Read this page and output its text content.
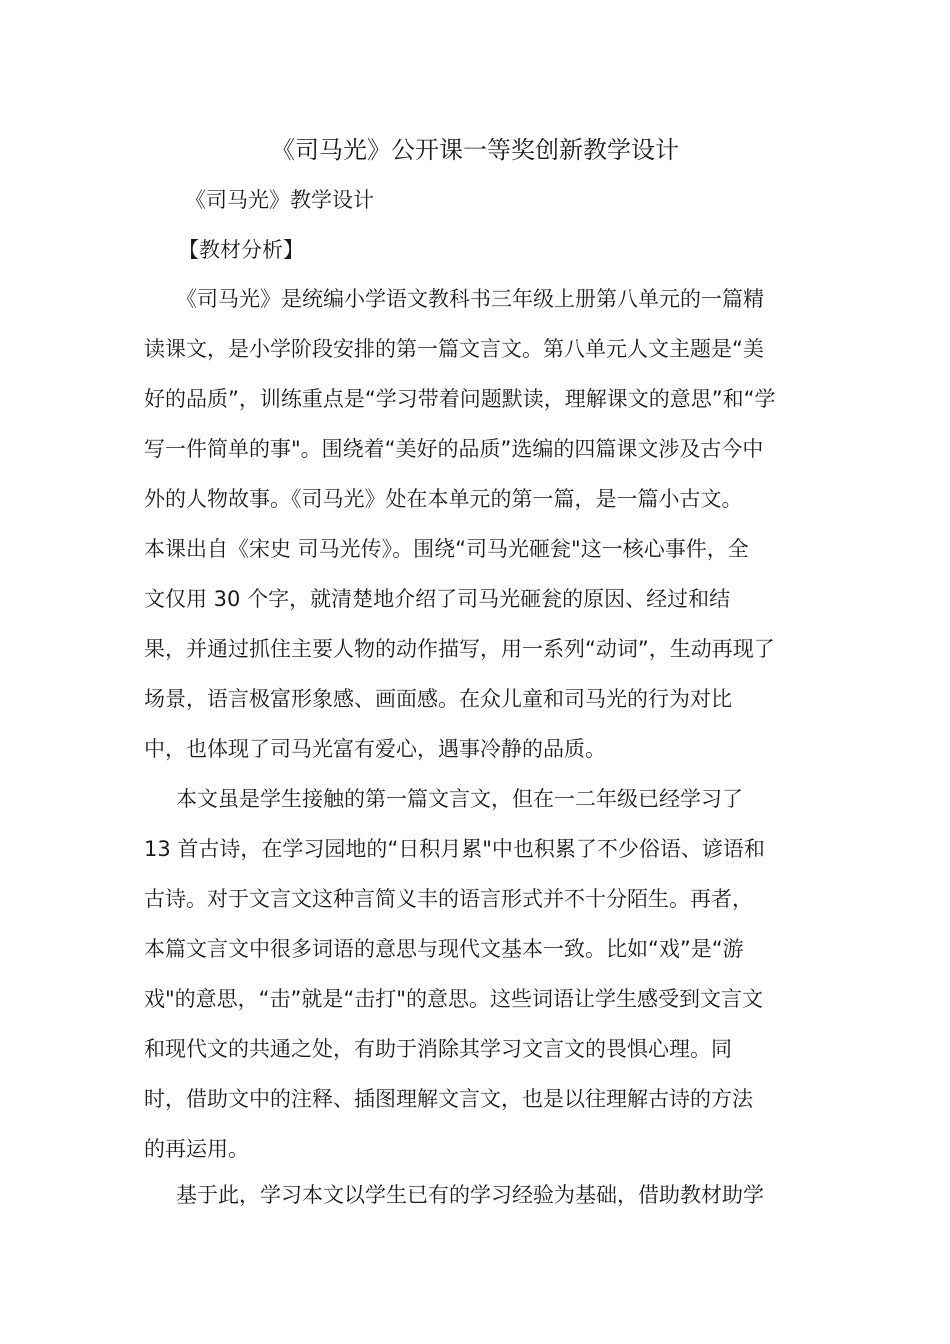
《司马光》公开课一等奖创新教学设计

《司马光》教学设计

【教材分析】

《司马光》是统编小学语文教科书三年级上册第八单元的一篇精
读课文，是小学阶段安排的第一篇文言文。第八单元人文主题是“美
好的品质”，训练重点是“学习带着问题默读，理解课文的意思”和“学
写一件简单的事"。围绕着“美好的品质”选编的四篇课文涉及古今中
外的人物故事。《司马光》处在本单元的第一篇，是一篇小古文。
本课出自《宋史 司马光传》。围绕“司马光砸瓮"这一核心事件，全
文仅用 30 个字，就清楚地介绍了司马光砸瓮的原因、经过和结
果，并通过抓住主要人物的动作描写，用一系列“动词”，生动再现了
场景，语言极富形象感、画面感。在众儿童和司马光的行为对比
中，也体现了司马光富有爱心，遇事冷静的品质。

本文虽是学生接触的第一篇文言文，但在一二年级已经学习了
13 首古诗，在学习园地的“日积月累"中也积累了不少俗语、谚语和
古诗。对于文言文这种言简义丰的语言形式并不十分陌生。再者，
本篇文言文中很多词语的意思与现代文基本一致。比如“戏”是“游
戏"的意思，“击”就是“击打"的意思。这些词语让学生感受到文言文
和现代文的共通之处，有助于消除其学习文言文的畏惧心理。同
时，借助文中的注释、插图理解文言文，也是以往理解古诗的方法
的再运用。

基于此，学习本文以学生已有的学习经验为基础，借助教材助学
